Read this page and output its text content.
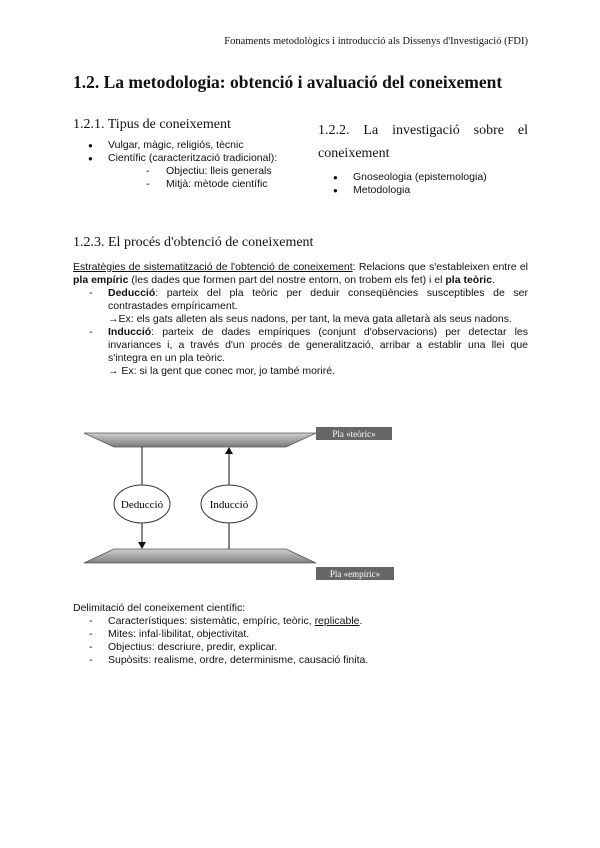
Fonaments metodològics i introducció als Dissenys d'Investigació (FDI)
1.2. La metodologia: obtenció i avaluació del coneixement
1.2.1. Tipus de coneixement
● Vulgar, màgic, religiós, tècnic
● Científic (caracterització tradicional):
- Objectiu: lleis generals
- Mitjà: mètode científic
1.2.2. La investigació sobre el
coneixement
● Gnoseologia (epistemologia)
● Metodologia
1.2.3. El procés d'obtenció de coneixement

Estratègies de sistematització de l'obtenció de coneixement: Relacions que s'estableixen entre el pla empíric (les dades que formen part del nostre entorn, on trobem els fet) i el pla teòric.

- Deducció: parteix del pla teòric per deduir conseqüències susceptibles de ser contrastades empíricament.
→Ex: els gats alleten als seus nadons, per tant, la meva gata alletarà als seus nadons.
- Inducció: parteix de dades empíriques (conjunt d'observacions) per detectar les invariances i, a través d'un procés de generalització, arribar a establir una llei que s'integra en un pla teòric.
→ Ex: si la gent que conec mor, jo també moriré.
Deducció	Inducció
Pla «teòric»
Pla «empíric»

Delimitació del coneixement científic:

- Característiques: sistemàtic, empíric, teòric, replicable.
- Mites: infal·libilitat, objectivitat.
- Objectius: descriure, predir, explicar.
- Supòsits: realisme, ordre, determinisme, causació finita.
